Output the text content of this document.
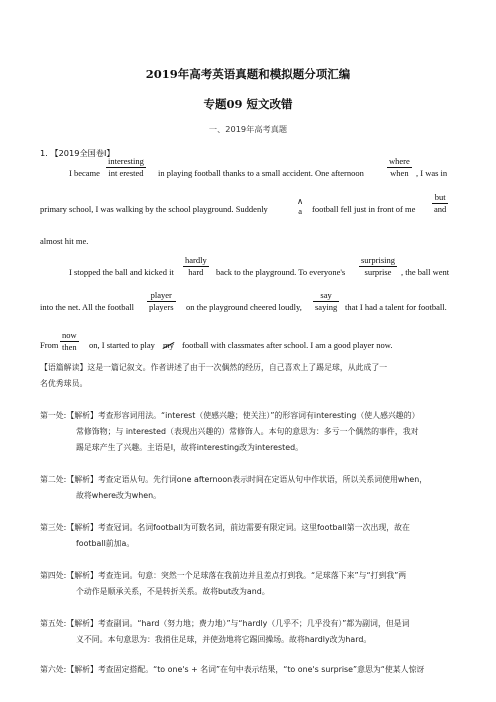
2019年高考英语真题和模拟题分项汇编
专题09 短文改错
一、2019年高考真题
1. 【2019全国卷I】
I became
interesting
int erested in playing football thanks to a small accident. One afternoon
where
when , I was in
primary school, I was walking by the school playground. Suddenly
∧
a football fell just in front of me
but
and
almost hit me.
I stopped the ball and kicked it
hardly
hard	back to the playground. To everyone's
surprising
surprise	, the ball went
into the net. All the football
player
players on the playground cheered loudly,
say
saying that I had a talent for football.
From
now
then on, I started to play my football with classmates after school. I am a good player now.
【语篇解读】这是一篇记叙文。作者讲述了由于一次偶然的经历，自己喜欢上了踢足球，从此成了一
名优秀球员。
第一处:【解析】考查形容词用法。“interest（使感兴趣；使关注）”的形容词有interesting（使人感兴趣的）
常修饰物；与 interested（表现出兴趣的）常修饰人。本句的意思为：多亏一个偶然的事件，我对
踢足球产生了兴趣。主语是I，故将interesting改为interested。
第二处:【解析】考查定语从句。先行词one afternoon表示时间在定语从句中作状语，所以关系词使用when，
故将where改为when。
第三处:【解析】考查冠词。名词football为可数名词，前边需要有限定词。这里football第一次出现，故在
football前加a。
第四处:【解析】考查连词。句意：突然一个足球落在我前边并且差点打到我。“足球落下来”与“打到我”两
个动作是顺承关系，不是转折关系。故将but改为and。
第五处:【解析】考查副词。“hard（努力地；费力地）”与“hardly（几乎不；几乎没有）”都为副词，但是词
义不同。本句意思为：我捎住足球，并使劲地将它踢回操场。故将hardly改为hard。
第六处:【解析】考查固定搭配。“to one's + 名词”在句中表示结果，“to one's surprise”意思为“使某人惊讶
